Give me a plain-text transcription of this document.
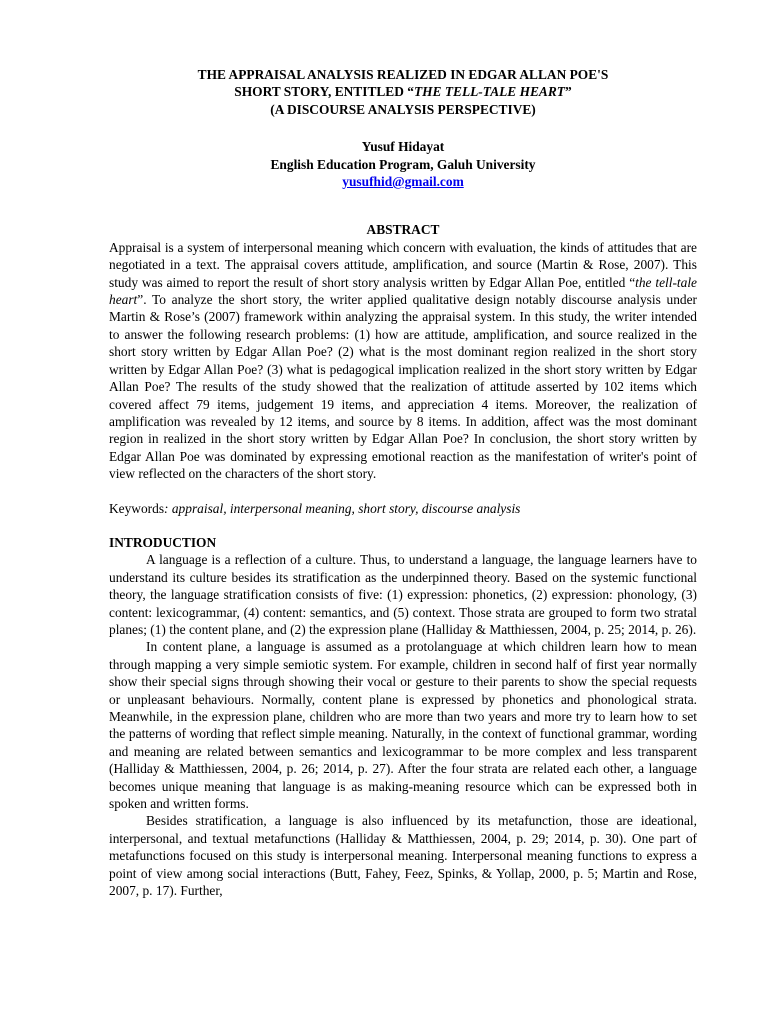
THE APPRAISAL ANALYSIS REALIZED IN EDGAR ALLAN POE'S
SHORT STORY, ENTITLED “THE TELL-TALE HEART”
(A DISCOURSE ANALYSIS PERSPECTIVE)
Yusuf Hidayat
English Education Program, Galuh University
yusufhid@gmail.com
ABSTRACT

Appraisal is a system of interpersonal meaning which concern with evaluation, the kinds of attitudes that are negotiated in a text. The appraisal covers attitude, amplification, and source (Martin & Rose, 2007). This study was aimed to report the result of short story analysis written by Edgar Allan Poe, entitled “the tell-tale heart”. To analyze the short story, the writer applied qualitative design notably discourse analysis under Martin & Rose’s (2007) framework within analyzing the appraisal system. In this study, the writer intended to answer the following research problems: (1) how are attitude, amplification, and source realized in the short story written by Edgar Allan Poe? (2) what is the most dominant region realized in the short story written by Edgar Allan Poe? (3) what is pedagogical implication realized in the short story written by Edgar Allan Poe? The results of the study showed that the realization of attitude asserted by 102 items which covered affect 79 items, judgement 19 items, and appreciation 4 items. Moreover, the realization of amplification was revealed by 12 items, and source by 8 items. In addition, affect was the most dominant region in realized in the short story written by Edgar Allan Poe? In conclusion, the short story written by Edgar Allan Poe was dominated by expressing emotional reaction as the manifestation of writer's point of view reflected on the characters of the short story.

Keywords: appraisal, interpersonal meaning, short story, discourse analysis
INTRODUCTION

A language is a reflection of a culture. Thus, to understand a language, the language learners have to understand its culture besides its stratification as the underpinned theory. Based on the systemic functional theory, the language stratification consists of five: (1) expression: phonetics, (2) expression: phonology, (3) content: lexicogrammar, (4) content: semantics, and (5) context. Those strata are grouped to form two stratal planes; (1) the content plane, and (2) the expression plane (Halliday & Matthiessen, 2004, p. 25; 2014, p. 26).

In content plane, a language is assumed as a protolanguage at which children learn how to mean through mapping a very simple semiotic system. For example, children in second half of first year normally show their special signs through showing their vocal or gesture to their parents to show the special requests or unpleasant behaviours. Normally, content plane is expressed by phonetics and phonological strata. Meanwhile, in the expression plane, children who are more than two years and more try to learn how to set the patterns of wording that reflect simple meaning. Naturally, in the context of functional grammar, wording and meaning are related between semantics and lexicogrammar to be more complex and less transparent (Halliday & Matthiessen, 2004, p. 26; 2014, p. 27). After the four strata are related each other, a language becomes unique meaning that language is as making-meaning resource which can be expressed both in spoken and written forms.

Besides stratification, a language is also influenced by its metafunction, those are ideational, interpersonal, and textual metafunctions (Halliday & Matthiessen, 2004, p. 29; 2014, p. 30). One part of metafunctions focused on this study is interpersonal meaning. Interpersonal meaning functions to express a point of view among social interactions (Butt, Fahey, Feez, Spinks, & Yollap, 2000, p. 5; Martin and Rose, 2007, p. 17). Further,
